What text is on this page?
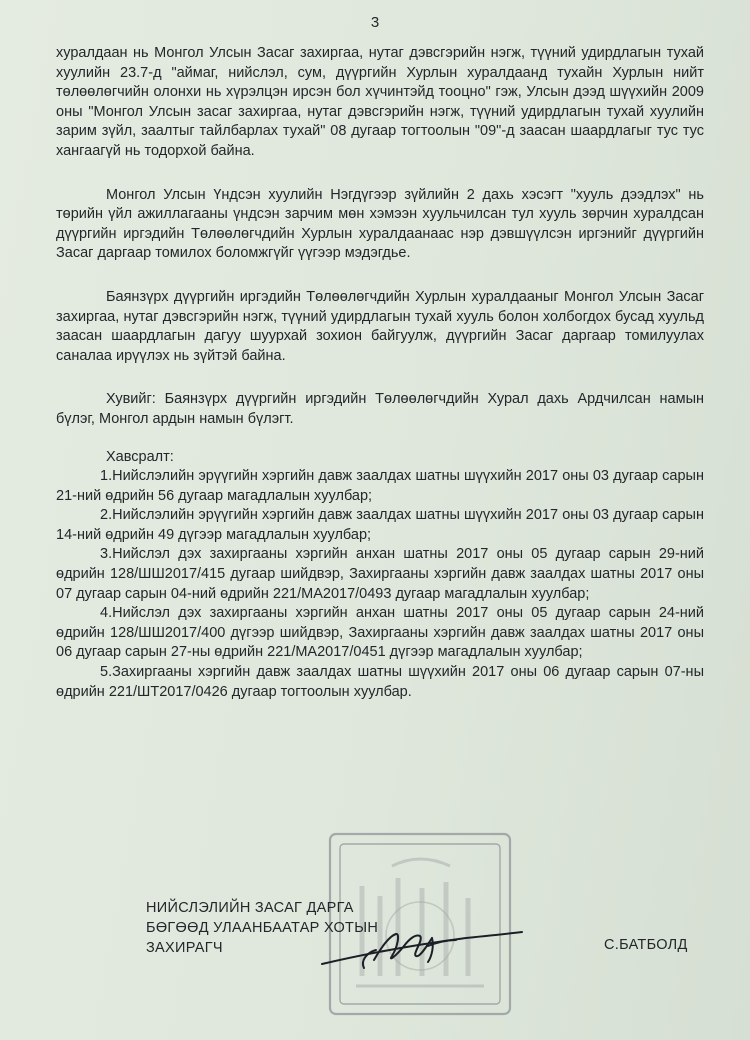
3

хуралдаан нь Монгол Улсын Засаг захиргаа, нутаг дэвсгэрийн нэгж, түүний удирдлагын тухай хуулийн 23.7-д "аймаг, нийслэл, сум, дүүргийн Хурлын хуралдаанд тухайн Хурлын нийт төлөөлөгчийн олонхи нь хүрэлцэн ирсэн бол хүчинтэйд тооцно" гэж, Улсын дээд шүүхийн 2009 оны "Монгол Улсын засаг захиргаа, нутаг дэвсгэрийн нэгж, түүний удирдлагын тухай хуулийн зарим зүйл, заалтыг тайлбарлах тухай" 08 дугаар тогтоолын "09"-д заасан шаардлагыг тус тус хангаагүй нь тодорхой байна.

Монгол Улсын Үндсэн хуулийн Нэгдүгээр зүйлийн 2 дахь хэсэгт "хууль дээдлэх" нь төрийн үйл ажиллагааны үндсэн зарчим мөн хэмээн хуульчилсан тул хууль зөрчин хуралдсан дүүргийн иргэдийн Төлөөлөгчдийн Хурлын хуралдаанаас нэр дэвшүүлсэн иргэнийг дүүргийн Засаг даргаар томилох боломжгүйг үүгээр мэдэгдье.

Баянзүрх дүүргийн иргэдийн Төлөөлөгчдийн Хурлын хуралдааныг Монгол Улсын Засаг захиргаа, нутаг дэвсгэрийн нэгж, түүний удирдлагын тухай хууль болон холбогдох бусад хуульд заасан шаардлагын дагуу шуурхай зохион байгуулж, дүүргийн Засаг даргаар томилуулах саналаа ирүүлэх нь зүйтэй байна.

Хувийг: Баянзүрх дүүргийн иргэдийн Төлөөлөгчдийн Хурал дахь Ардчилсан намын бүлэг, Монгол ардын намын бүлэгт.

Хавсралт:

1.Нийслэлийн эрүүгийн хэргийн давж заалдах шатны шүүхийн 2017 оны 03 дугаар сарын 21-ний өдрийн 56 дугаар магадлалын хуулбар;

2.Нийслэлийн эрүүгийн хэргийн давж заалдах шатны шүүхийн 2017 оны 03 дугаар сарын 14-ний өдрийн 49 дүгээр магадлалын хуулбар;

3.Нийслэл дэх захиргааны хэргийн анхан шатны 2017 оны 05 дугаар сарын 29-ний өдрийн 128/ШШ2017/415 дугаар шийдвэр, Захиргааны хэргийн давж заалдах шатны 2017 оны 07 дугаар сарын 04-ний өдрийн 221/МА2017/0493 дугаар магадлалын хуулбар;

4.Нийслэл дэх захиргааны хэргийн анхан шатны 2017 оны 05 дугаар сарын 24-ний өдрийн 128/ШШ2017/400 дүгээр шийдвэр, Захиргааны хэргийн давж заалдах шатны 2017 оны 06 дугаар сарын 27-ны өдрийн 221/МА2017/0451 дүгээр магадлалын хуулбар;

5.Захиргааны хэргийн давж заалдах шатны шүүхийн 2017 оны 06 дугаар сарын 07-ны өдрийн 221/ШТ2017/0426 дугаар тогтоолын хуулбар.

НИЙСЛЭЛИЙН ЗАСАГ ДАРГА
БӨГӨӨД УЛААНБААТАР ХОТЫН
ЗАХИРАГЧ	С.БАТБОЛД
